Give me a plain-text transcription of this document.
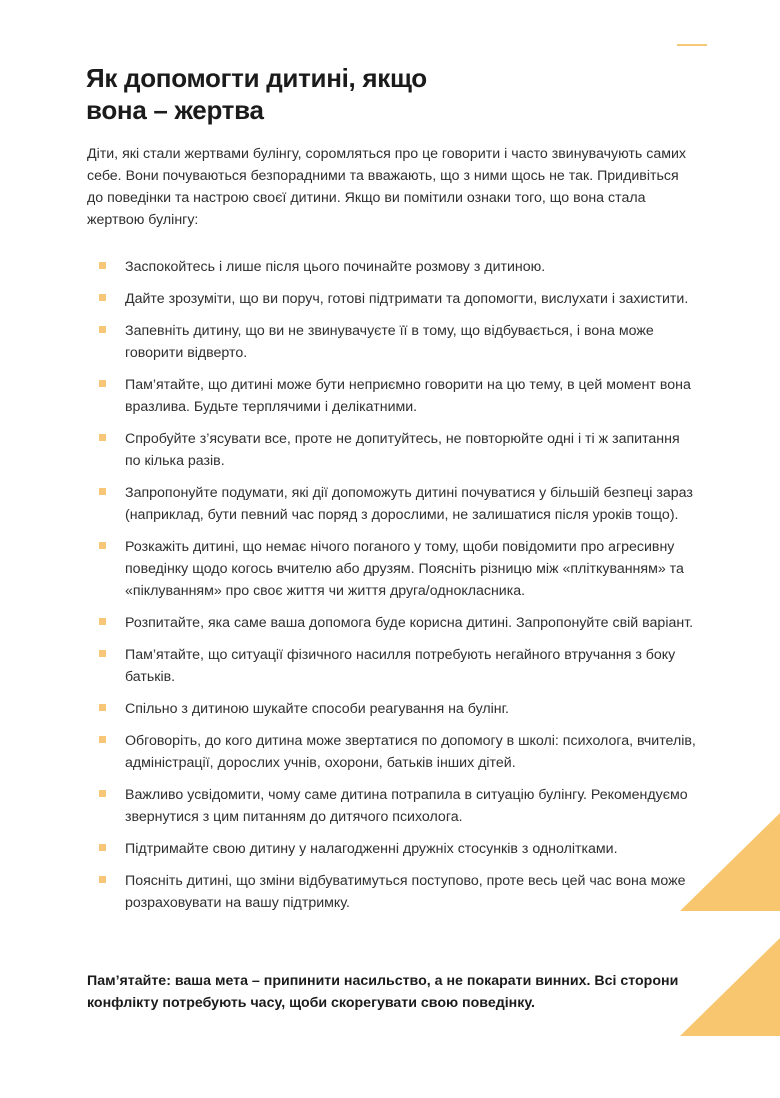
Як допомогти дитині, якщо
вона – жертва

Діти, які стали жертвами булінгу, соромляться про це говорити і часто звинувачують самих себе. Вони почуваються безпорадними та вважають, що з ними щось не так. Придивіться до поведінки та настрою своєї дитини. Якщо ви помітили ознаки того, що вона стала жертвою булінгу:

Заспокойтесь і лише після цього починайте розмову з дитиною.
Дайте зрозуміти, що ви поруч, готові підтримати та допомогти, вислухати і захистити.
Запевніть дитину, що ви не звинувачуєте її в тому, що відбувається, і вона може говорити відверто.
Пам’ятайте, що дитині може бути неприємно говорити на цю тему, в цей момент вона вразлива. Будьте терплячими і делікатними.
Спробуйте з’ясувати все, проте не допитуйтесь, не повторюйте одні і ті ж запитання по кілька разів.
Запропонуйте подумати, які дії допоможуть дитині почуватися у більшій безпеці зараз (наприклад, бути певний час поряд з дорослими, не залишатися після уроків тощо).
Розкажіть дитині, що немає нічого поганого у тому, щоби повідомити про агресивну поведінку щодо когось вчителю або друзям. Поясніть різницю між «пліткуванням» та «піклуванням» про своє життя чи життя друга/однокласника.
Розпитайте, яка саме ваша допомога буде корисна дитині. Запропонуйте свій варіант.
Пам’ятайте, що ситуації фізичного насилля потребують негайного втручання з боку батьків.
Спільно з дитиною шукайте способи реагування на булінг.
Обговоріть, до кого дитина може звертатися по допомогу в школі: психолога, вчителів, адміністрації, дорослих учнів, охорони, батьків інших дітей.
Важливо усвідомити, чому саме дитина потрапила в ситуацію булінгу. Рекомендуємо звернутися з цим питанням до дитячого психолога.
Підтримайте свою дитину у налагодженні дружніх стосунків з однолітками.
Поясніть дитині, що зміни відбуватимуться поступово, проте весь цей час вона може розраховувати на вашу підтримку.

Пам’ятайте: ваша мета – припинити насильство, а не покарати винних. Всі сторони конфлікту потребують часу, щоби скорегувати свою поведінку.
